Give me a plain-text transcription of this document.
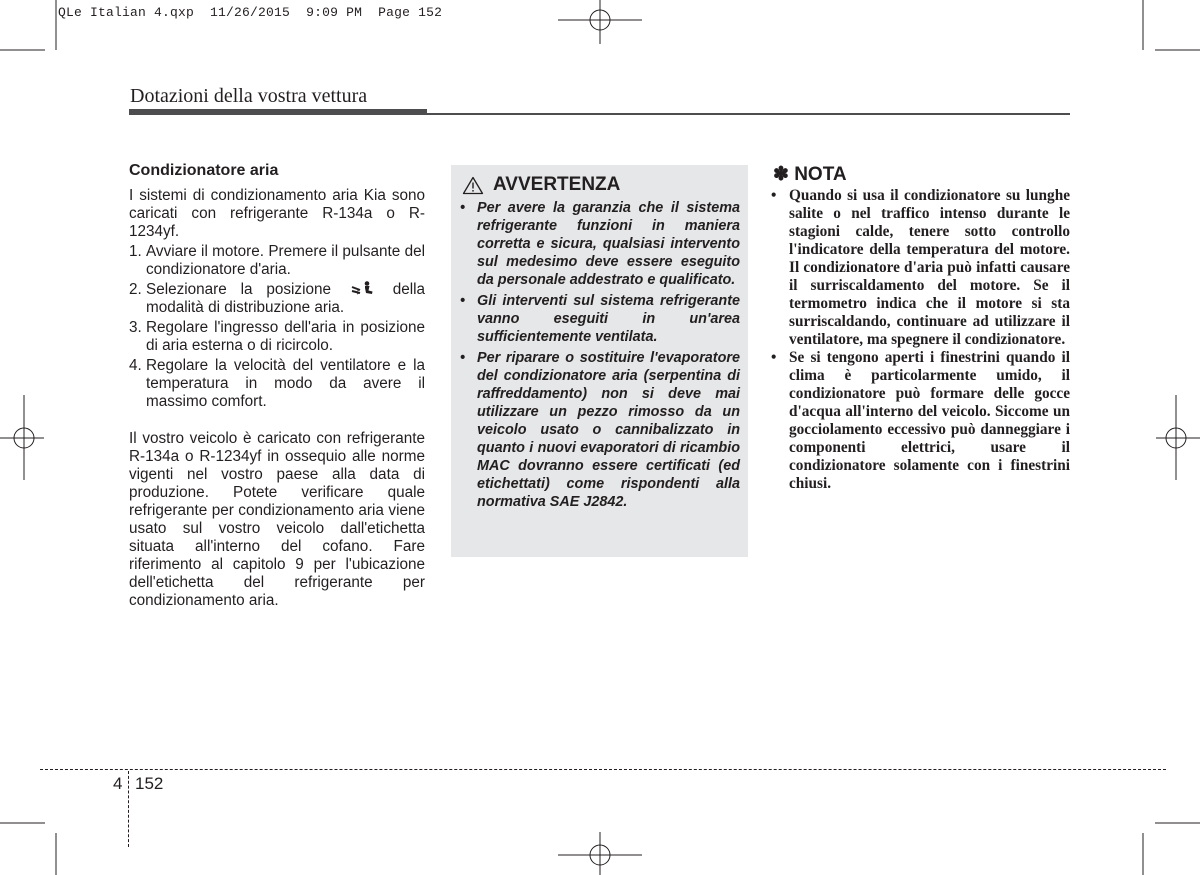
QLe Italian 4.qxp 11/26/2015 9:09 PM Page 152
Dotazioni della vostra vettura
Condizionatore aria

I sistemi di condizionamento aria Kia sono caricati con refrigerante R-134a o R-1234yf.

1. Avviare il motore. Premere il pulsante del condizionatore d'aria.
2. Selezionare la posizione	della modalità di distribuzione aria.
3. Regolare l'ingresso dell'aria in posizione di aria esterna o di ricircolo.
4. Regolare la velocità del ventilatore e la temperatura in modo da avere il massimo comfort.

Il vostro veicolo è caricato con refrigerante R-134a o R-1234yf in ossequio alle norme vigenti nel vostro paese alla data di produzione. Potete verificare quale refrigerante per condizionamento aria viene usato sul vostro veicolo dall'etichetta situata all'interno del cofano. Fare riferimento al capitolo 9 per l'ubicazione dell'etichetta del refrigerante per condizionamento aria.

AVVERTENZA
• Per avere la garanzia che il sistema refrigerante funzioni in maniera corretta e sicura, qualsiasi intervento sul medesimo deve essere eseguito da personale addestrato e qualificato.
• Gli interventi sul sistema refrigerante vanno eseguiti in un'area sufficientemente ventilata.
• Per riparare o sostituire l'evaporatore del condizionatore aria (serpentina di raffreddamento) non si deve mai utilizzare un pezzo rimosso da un veicolo usato o cannibalizzato in quanto i nuovi evaporatori di ricambio MAC dovranno essere certificati (ed etichettati) come rispondenti alla normativa SAE J2842.
✽ NOTA
• Quando si usa il condizionatore su lunghe salite o nel traffico intenso durante le stagioni calde, tenere sotto controllo l'indicatore della temperatura del motore. Il condizionatore d'aria può infatti causare il surriscaldamento del motore. Se il termometro indica che il motore si sta surriscaldando, continuare ad utilizzare il ventilatore, ma spegnere il condizionatore.
• Se si tengono aperti i finestrini quando il clima è particolarmente umido, il condizionatore può formare delle gocce d'acqua all'interno del veicolo. Siccome un gocciolamento eccessivo può danneggiare i componenti elettrici, usare il condizionatore solamente con i finestrini chiusi.
4 152
